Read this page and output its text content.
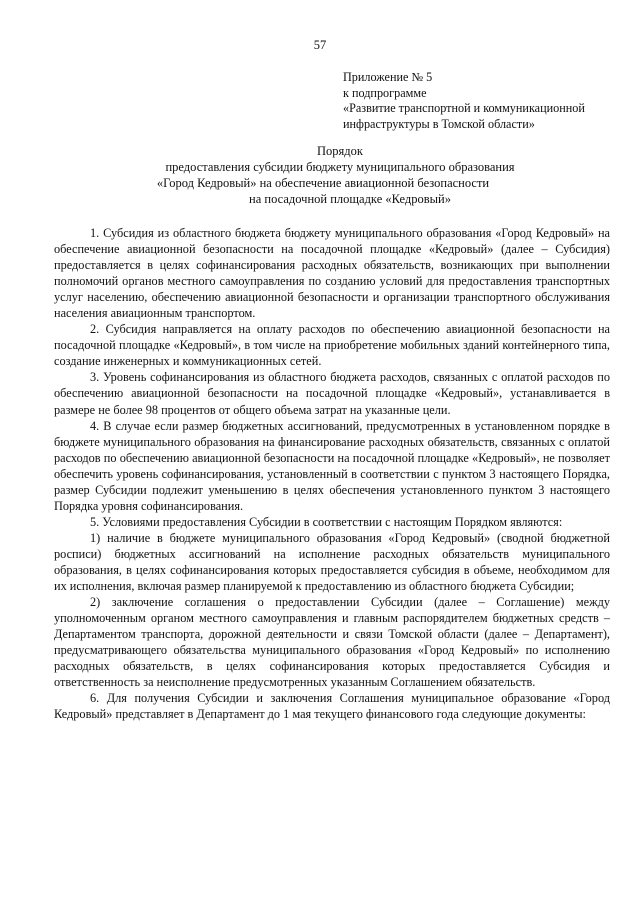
57
Приложение № 5
к подпрограмме
«Развитие транспортной и коммуникационной
инфраструктуры в Томской области»
Порядок
предоставления субсидии бюджету муниципального образования
«Город Кедровый» на обеспечение авиационной безопасности
на посадочной площадке «Кедровый»

1. Субсидия из областного бюджета бюджету муниципального образования «Город Кедровый» на обеспечение авиационной безопасности на посадочной площадке «Кедровый» (далее – Субсидия) предоставляется в целях софинансирования расходных обязательств, возникающих при выполнении полномочий органов местного самоуправления по созданию условий для предоставления транспортных услуг населению, обеспечению авиационной безопасности и организации транспортного обслуживания населения авиационным транспортом.

2. Субсидия направляется на оплату расходов по обеспечению авиационной безопасности на посадочной площадке «Кедровый», в том числе на приобретение мобильных зданий контейнерного типа, создание инженерных и коммуникационных сетей.

3. Уровень софинансирования из областного бюджета расходов, связанных с оплатой расходов по обеспечению авиационной безопасности на посадочной площадке «Кедровый», устанавливается в размере не более 98 процентов от общего объема затрат на указанные цели.

4. В случае если размер бюджетных ассигнований, предусмотренных в установленном порядке в бюджете муниципального образования на финансирование расходных обязательств, связанных с оплатой расходов по обеспечению авиационной безопасности на посадочной площадке «Кедровый», не позволяет обеспечить уровень софинансирования, установленный в соответствии с пунктом 3 настоящего Порядка, размер Субсидии подлежит уменьшению в целях обеспечения установленного пунктом 3 настоящего Порядка уровня софинансирования.

5. Условиями предоставления Субсидии в соответствии с настоящим Порядком являются:

1) наличие в бюджете муниципального образования «Город Кедровый» (сводной бюджетной росписи) бюджетных ассигнований на исполнение расходных обязательств муниципального образования, в целях софинансирования которых предоставляется субсидия в объеме, необходимом для их исполнения, включая размер планируемой к предоставлению из областного бюджета Субсидии;

2) заключение соглашения о предоставлении Субсидии (далее – Соглашение) между уполномоченным органом местного самоуправления и главным распорядителем бюджетных средств – Департаментом транспорта, дорожной деятельности и связи Томской области (далее – Департамент), предусматривающего обязательства муниципального образования «Город Кедровый» по исполнению расходных обязательств, в целях софинансирования которых предоставляется Субсидия и ответственность за неисполнение предусмотренных указанным Соглашением обязательств.

6. Для получения Субсидии и заключения Соглашения муниципальное образование «Город Кедровый» представляет в Департамент до 1 мая текущего финансового года следующие документы:
